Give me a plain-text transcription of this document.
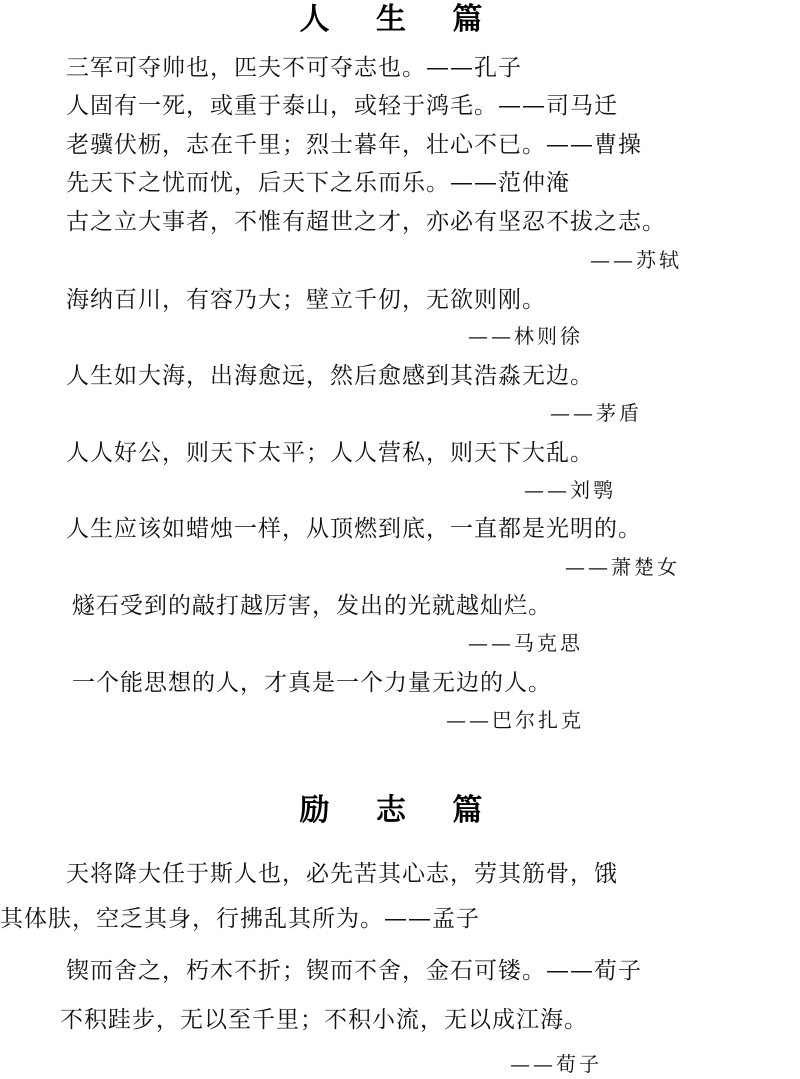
人 生 篇

三军可夺帅也，匹夫不可夺志也。——孔子

人固有一死，或重于泰山，或轻于鸿毛。——司马迁

老骥伏枥，志在千里；烈士暮年，壮心不已。——曹操

先天下之忧而忧，后天下之乐而乐。——范仲淹

古之立大事者，不惟有超世之才，亦必有坚忍不拔之志。

——苏轼

海纳百川，有容乃大；壁立千仞，无欲则刚。

——林则徐

人生如大海，出海愈远，然后愈感到其浩淼无边。

——茅盾

人人好公，则天下太平；人人营私，则天下大乱。

——刘鹗

人生应该如蜡烛一样，从顶燃到底，一直都是光明的。

——萧楚女

燧石受到的敲打越厉害，发出的光就越灿烂。

——马克思

一个能思想的人，才真是一个力量无边的人。

——巴尔扎克

励 志 篇

天将降大任于斯人也，必先苦其心志，劳其筋骨，饿

其体肤，空乏其身，行拂乱其所为。——孟子

锲而舍之，朽木不折；锲而不舍，金石可镂。——荀子

不积跬步，无以至千里；不积小流，无以成江海。

——荀子
